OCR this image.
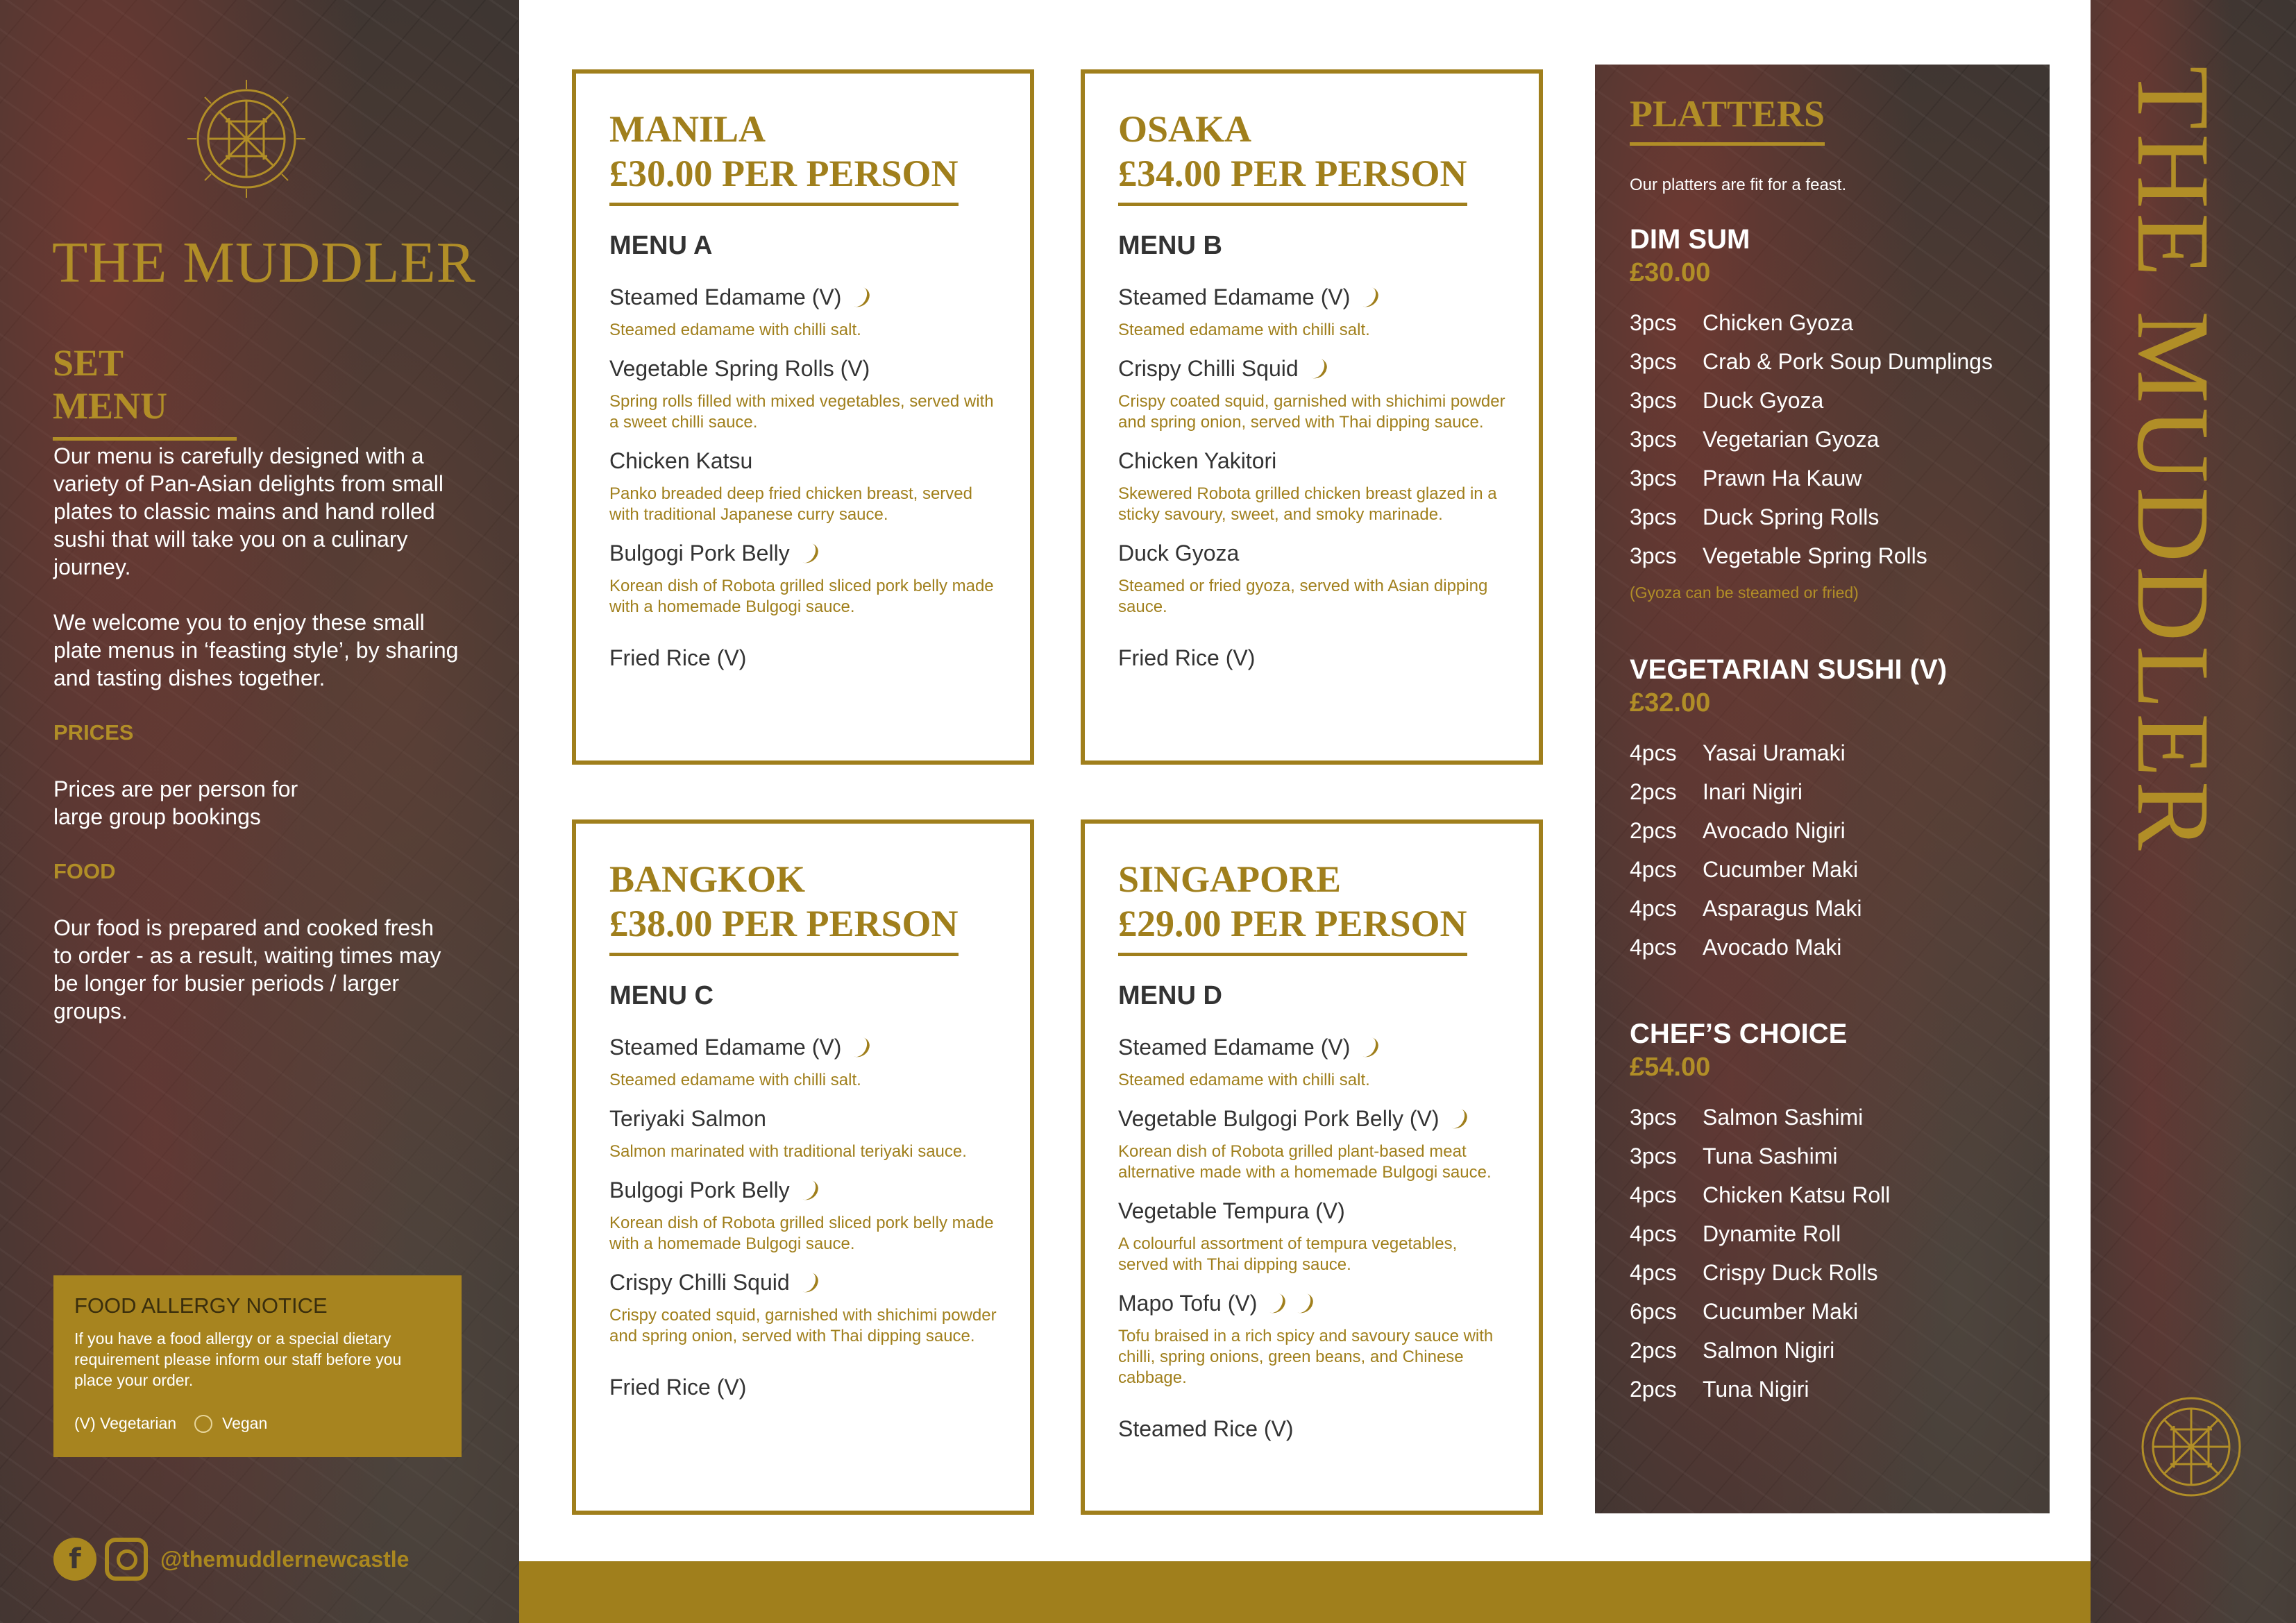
THE MUDDLER
SET MENU
Our menu is carefully designed with a variety of Pan-Asian delights from small plates to classic mains and hand rolled sushi that will take you on a culinary journey.
We welcome you to enjoy these small plate menus in ‘feasting style’, by sharing and tasting dishes together.
PRICES
Prices are per person for large group bookings
FOOD
Our food is prepared and cooked fresh to order - as a result, waiting times may be longer for busier periods / larger groups.
FOOD ALLERGY NOTICE
If you have a food allergy or a special dietary requirement please inform our staff before you place your order.
(V) Vegetarian	Vegan
f	@themuddlernewcastle
MANILA
£30.00 PER PERSON
MENU A
Steamed Edamame (V)
Steamed edamame with chilli salt.
Vegetable Spring Rolls (V)
Spring rolls filled with mixed vegetables, served with a sweet chilli sauce.
Chicken Katsu
Panko breaded deep fried chicken breast, served with traditional Japanese curry sauce.
Bulgogi Pork Belly
Korean dish of Robota grilled sliced pork belly made with a homemade Bulgogi sauce.
Fried Rice (V)
OSAKA
£34.00 PER PERSON
MENU B
Steamed Edamame (V)
Steamed edamame with chilli salt.
Crispy Chilli Squid
Crispy coated squid, garnished with shichimi powder and spring onion, served with Thai dipping sauce.
Chicken Yakitori
Skewered Robota grilled chicken breast glazed in a sticky savoury, sweet, and smoky marinade.
Duck Gyoza
Steamed or fried gyoza, served with Asian dipping sauce.
Fried Rice (V)
BANGKOK
£38.00 PER PERSON
MENU C
Steamed Edamame (V)
Steamed edamame with chilli salt.
Teriyaki Salmon
Salmon marinated with traditional teriyaki sauce.
Bulgogi Pork Belly
Korean dish of Robota grilled sliced pork belly made with a homemade Bulgogi sauce.
Crispy Chilli Squid
Crispy coated squid, garnished with shichimi powder and spring onion, served with Thai dipping sauce.
Fried Rice (V)
SINGAPORE
£29.00 PER PERSON
MENU D
Steamed Edamame (V)
Steamed edamame with chilli salt.
Vegetable Bulgogi Pork Belly (V)
Korean dish of Robota grilled plant-based meat alternative made with a homemade Bulgogi sauce.
Vegetable Tempura (V)
A colourful assortment of tempura vegetables, served with Thai dipping sauce.
Mapo Tofu (V)
Tofu braised in a rich spicy and savoury sauce with chilli, spring onions, green beans, and Chinese cabbage.
Steamed Rice (V)
PLATTERS
Our platters are fit for a feast.
DIM SUM
£30.00
3pcs	Chicken Gyoza
3pcs	Crab & Pork Soup Dumplings
3pcs	Duck Gyoza
3pcs	Vegetarian Gyoza
3pcs	Prawn Ha Kauw
3pcs	Duck Spring Rolls
3pcs	Vegetable Spring Rolls
(Gyoza can be steamed or fried)
VEGETARIAN SUSHI (V)
£32.00
4pcs	Yasai Uramaki
2pcs	Inari Nigiri
2pcs	Avocado Nigiri
4pcs	Cucumber Maki
4pcs	Asparagus Maki
4pcs	Avocado Maki
CHEF’S CHOICE
£54.00
3pcs	Salmon Sashimi
3pcs	Tuna Sashimi
4pcs	Chicken Katsu Roll
4pcs	Dynamite Roll
4pcs	Crispy Duck Rolls
6pcs	Cucumber Maki
2pcs	Salmon Nigiri
2pcs	Tuna Nigiri
THE MUDDLER
